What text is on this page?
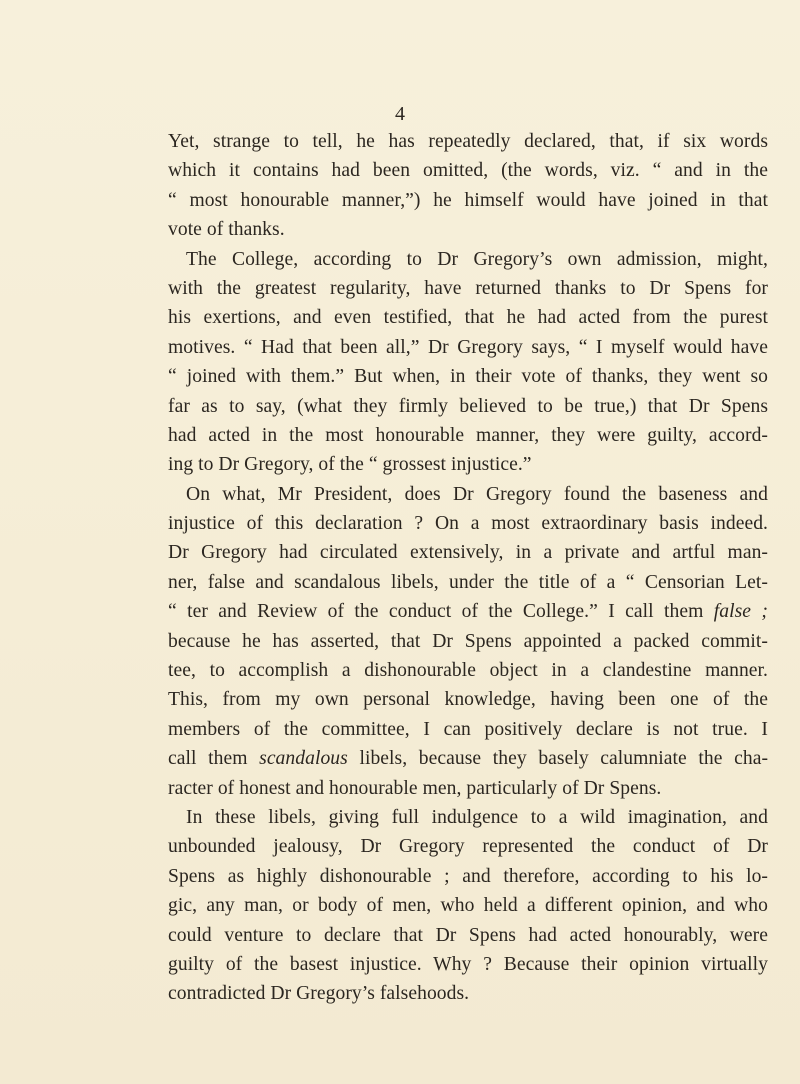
4
Yet, strange to tell, he has repeatedly declared, that, if six words
which it contains had been omitted, (the words, viz. “ and in the
“ most honourable manner,”) he himself would have joined in that
vote of thanks.
The College, according to Dr Gregory’s own admission, might,
with the greatest regularity, have returned thanks to Dr Spens for
his exertions, and even testified, that he had acted from the purest
motives. “ Had that been all,” Dr Gregory says, “ I myself would have
“ joined with them.” But when, in their vote of thanks, they went so
far as to say, (what they firmly believed to be true,) that Dr Spens
had acted in the most honourable manner, they were guilty, accord-
ing to Dr Gregory, of the “ grossest injustice.”
On what, Mr President, does Dr Gregory found the baseness and
injustice of this declaration ? On a most extraordinary basis indeed.
Dr Gregory had circulated extensively, in a private and artful man-
ner, false and scandalous libels, under the title of a “ Censorian Let-
“ ter and Review of the conduct of the College.” I call them false ;
because he has asserted, that Dr Spens appointed a packed commit-
tee, to accomplish a dishonourable object in a clandestine manner.
This, from my own personal knowledge, having been one of the
members of the committee, I can positively declare is not true. I
call them scandalous libels, because they basely calumniate the cha-
racter of honest and honourable men, particularly of Dr Spens.
In these libels, giving full indulgence to a wild imagination, and
unbounded jealousy, Dr Gregory represented the conduct of Dr
Spens as highly dishonourable ; and therefore, according to his lo-
gic, any man, or body of men, who held a different opinion, and who
could venture to declare that Dr Spens had acted honourably, were
guilty of the basest injustice. Why ? Because their opinion virtually
contradicted Dr Gregory’s falsehoods.
